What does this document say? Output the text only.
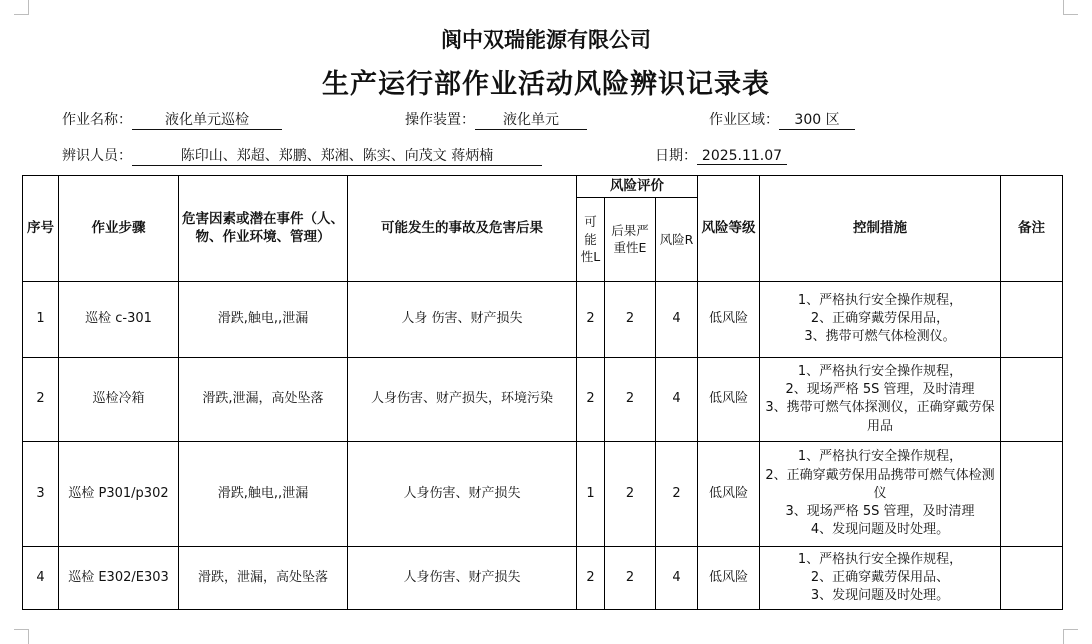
阆中双瑞能源有限公司
生产运行部作业活动风险辨识记录表
作业名称： 液化单元巡检	操作装置： 液化单元	作业区域： 300 区
辨识人员：	陈印山、郑超、郑鹏、郑湘、陈实、向茂文 蒋炳楠	日期： 2025.11.07
序号	作业步骤	危害因素或潜在事件（人、物、作业环境、管理）	可能发生的事故及危害后果	风险评价			风险等级	控制措施	备注
				可能性L	后果严重性E	风险R			
1	巡检 c-301	滑跌,触电,,泄漏	人身 伤害、财产损失	2	2	4	低风险	1、严格执行安全操作规程，
2、正确穿戴劳保用品，
3、携带可燃气体检测仪。	

2	巡检冷箱	滑跌,泄漏，高处坠落	人身伤害、财产损失，环境污染	2	2	4	低风险	1、严格执行安全操作规程，
2、现场严格 5S 管理，及时清理
3、携带可燃气体探测仪，正确穿戴劳保用品	

3	巡检 P301/p302	滑跌,触电,,泄漏	人身伤害、财产损失	1	2	2	低风险	1、严格执行安全操作规程，
2、正确穿戴劳保用品携带可燃气体检测仪
3、现场严格 5S 管理，及时清理
4、发现问题及时处理。	

4	巡检 E302/E303	滑跌，泄漏，高处坠落	人身伤害、财产损失	2	2	4	低风险	1、严格执行安全操作规程，
2、正确穿戴劳保用品、
3、发现问题及时处理。	
